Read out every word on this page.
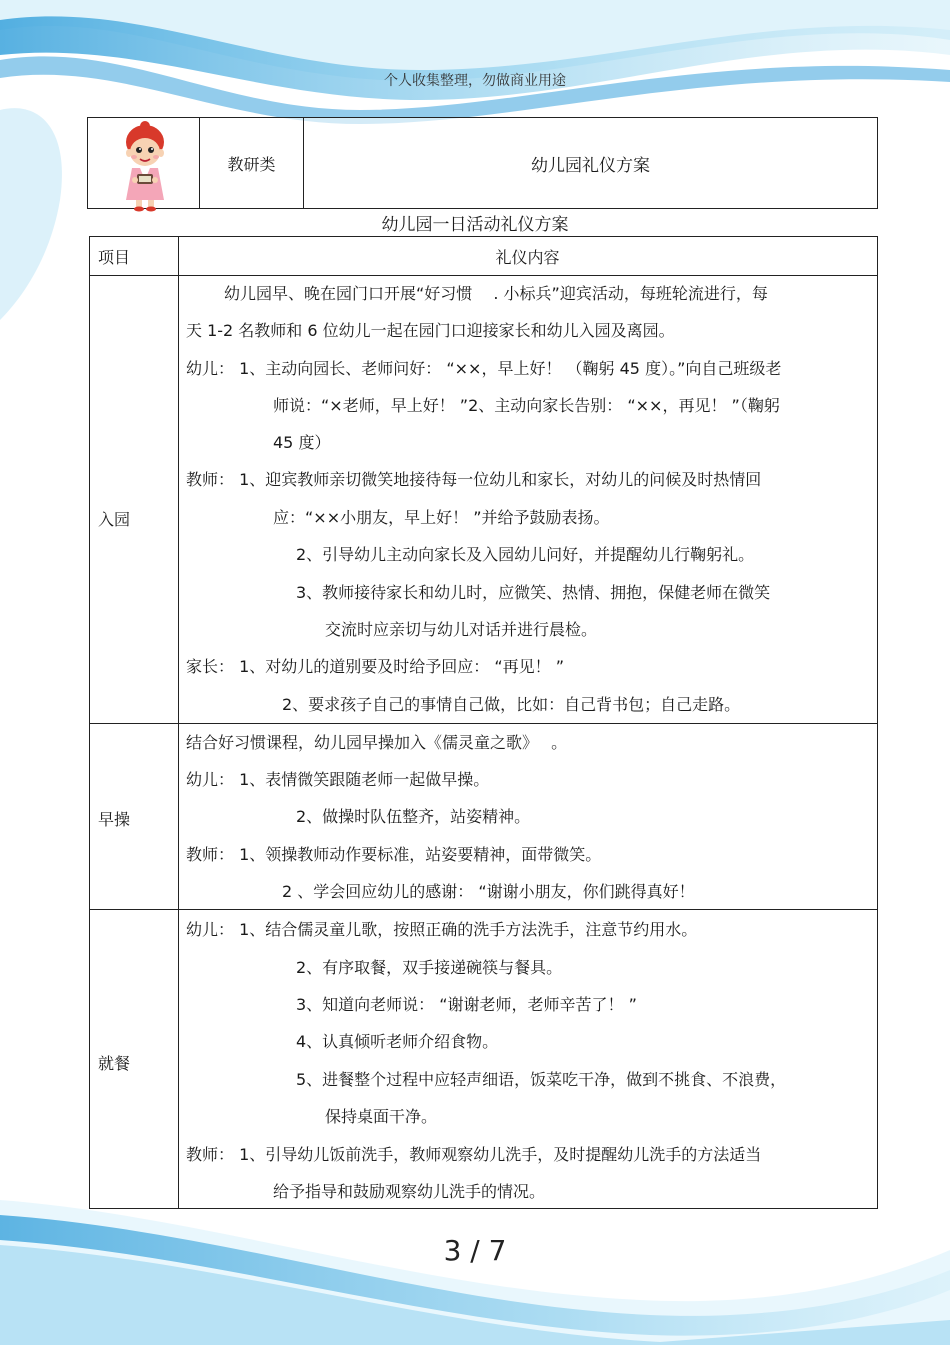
个人收集整理，勿做商业用途
教研类	幼儿园礼仪方案
幼儿园一日活动礼仪方案
项目	礼仪内容
入园
幼儿园早、晚在园门口开展“好习惯 　. 小标兵”迎宾活动，每班轮流进行，每
天 1-2 名教师和 6 位幼儿一起在园门口迎接家长和幼儿入园及离园。
幼儿： 1、主动向园长、老师问好： “××，早上好！ （鞠躬 45 度）。”向自己班级老
师说：“×老师，早上好！ ”2、主动向家长告别： “××，再见！ ”（鞠躬
45 度）
教师： 1、迎宾教师亲切微笑地接待每一位幼儿和家长，对幼儿的问候及时热情回
应：“××小朋友，早上好！ ”并给予鼓励表扬。
2、引导幼儿主动向家长及入园幼儿问好，并提醒幼儿行鞠躬礼。
3、教师接待家长和幼儿时，应微笑、热情、拥抱，保健老师在微笑
交流时应亲切与幼儿对话并进行晨检。
家长： 1、对幼儿的道别要及时给予回应： “再见！ ”
2、要求孩子自己的事情自己做，比如：自己背书包；自己走路。
早操
结合好习惯课程，幼儿园早操加入《儒灵童之歌》　 。
幼儿： 1、表情微笑跟随老师一起做早操。
2、做操时队伍整齐，站姿精神。
教师： 1、领操教师动作要标准，站姿要精神，面带微笑。
2 、学会回应幼儿的感谢： “谢谢小朋友，你们跳得真好！
就餐
幼儿： 1、结合儒灵童儿歌，按照正确的洗手方法洗手，注意节约用水。
2、有序取餐，双手接递碗筷与餐具。
3、知道向老师说： “谢谢老师，老师辛苦了！ ”
4、认真倾听老师介绍食物。
5、进餐整个过程中应轻声细语，饭菜吃干净，做到不挑食、不浪费，
保持桌面干净。
教师： 1、引导幼儿饭前洗手，教师观察幼儿洗手，及时提醒幼儿洗手的方法适当
给予指导和鼓励观察幼儿洗手的情况。
3 / 7
